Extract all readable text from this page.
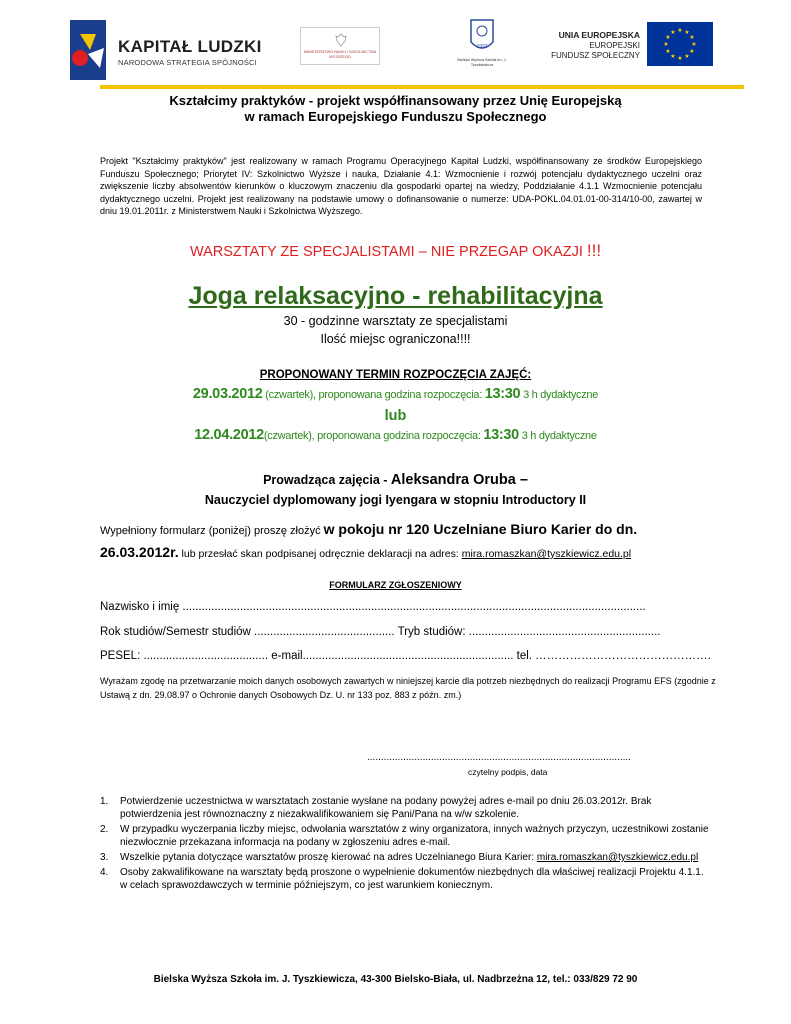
KAPITAŁ LUDZKI
NARODOWA STRATEGIA SPÓJNOŚCI
MINISTERSTWO NAUKI I SZKOLNICTWA WYŻSZEGO
1992
Bielska Wyższa Szkoła im. J. Tyszkiewicza
UNIA EUROPEJSKA
EUROPEJSKI
FUNDUSZ SPOŁECZNY
★ ★
★
★
★
★
★
★
★
★
★
★
Kształcimy praktyków - projekt współfinansowany przez Unię Europejską
w ramach Europejskiego Funduszu Społecznego
Projekt "Kształcimy praktyków" jest realizowany w ramach Programu Operacyjnego Kapitał Ludzki, współfinansowany ze środków Europejskiego Funduszu Społecznego; Priorytet IV: Szkolnictwo Wyższe i nauka, Działanie 4.1: Wzmocnienie i rozwój potencjału dydaktycznego uczelni oraz zwiększenie liczby absolwentów kierunków o kluczowym znaczeniu dla gospodarki opartej na wiedzy, Poddziałanie 4.1.1 Wzmocnienie potencjału dydaktycznego uczelni. Projekt jest realizowany na podstawie umowy o dofinansowanie o numerze: UDA-POKL.04.01.01-00-314/10-00, zawartej w dniu 19.01.2011r. z Ministerstwem Nauki i Szkolnictwa Wyższego.
WARSZTATY ZE SPECJALISTAMI – NIE PRZEGAP OKAZJI !!!
Joga relaksacyjno - rehabilitacyjna
30 - godzinne warsztaty ze specjalistami
Ilość miejsc ograniczona!!!!
PROPONOWANY TERMIN ROZPOCZĘCIA ZAJĘĆ:
29.03.2012 (czwartek), proponowana godzina rozpoczęcia: 13:30 3 h dydaktyczne
lub
12.04.2012(czwartek), proponowana godzina rozpoczęcia: 13:30 3 h dydaktyczne
Prowadząca zajęcia - Aleksandra Oruba –
Nauczyciel dyplomowany jogi Iyengara w stopniu Introductory II
Wypełniony formularz (poniżej) proszę złożyć w pokoju nr 120 Uczelniane Biuro Karier do dn.
26.03.2012r. lub przesłać skan podpisanej odręcznie deklaracji na adres: mira.romaszkan@tyszkiewicz.edu.pl
FORMULARZ ZGŁOSZENIOWY
Nazwisko i imię .................................................................................................................................................
Rok studiów/Semestr studiów ............................................ Tryb studiów: ............................................................
PESEL: ....................................... e-mail.................................................................. tel. ……………………………………….
Wyrażam zgodę na przetwarzanie moich danych osobowych zawartych w niniejszej karcie dla potrzeb niezbędnych do realizacji Programu EFS (zgodnie z Ustawą z dn. 29.08.97 o Ochronie danych Osobowych Dz. U. nr 133 poz. 883 z późn. zm.)
...............................................................................................
czytelny podpis, data
1. Potwierdzenie uczestnictwa w warsztatach zostanie wysłane na podany powyżej adres e-mail po dniu 26.03.2012r. Brak potwierdzenia jest równoznaczny z niezakwalifikowaniem się Pani/Pana na w/w szkolenie.
2. W przypadku wyczerpania liczby miejsc, odwołania warsztatów z winy organizatora, innych ważnych przyczyn, uczestnikowi zostanie niezwłocznie przekazana informacja na podany w zgłoszeniu adres e-mail.
3. Wszelkie pytania dotyczące warsztatów proszę kierować na adres Uczelnianego Biura Karier: mira.romaszkan@tyszkiewicz.edu.pl
4. Osoby zakwalifikowane na warsztaty będą proszone o wypełnienie dokumentów niezbędnych dla właściwej realizacji Projektu 4.1.1. w celach sprawozdawczych w terminie późniejszym, co jest warunkiem koniecznym.
Bielska Wyższa Szkoła im. J. Tyszkiewicza, 43-300 Bielsko-Biała, ul. Nadbrzeżna 12, tel.: 033/829 72 90
